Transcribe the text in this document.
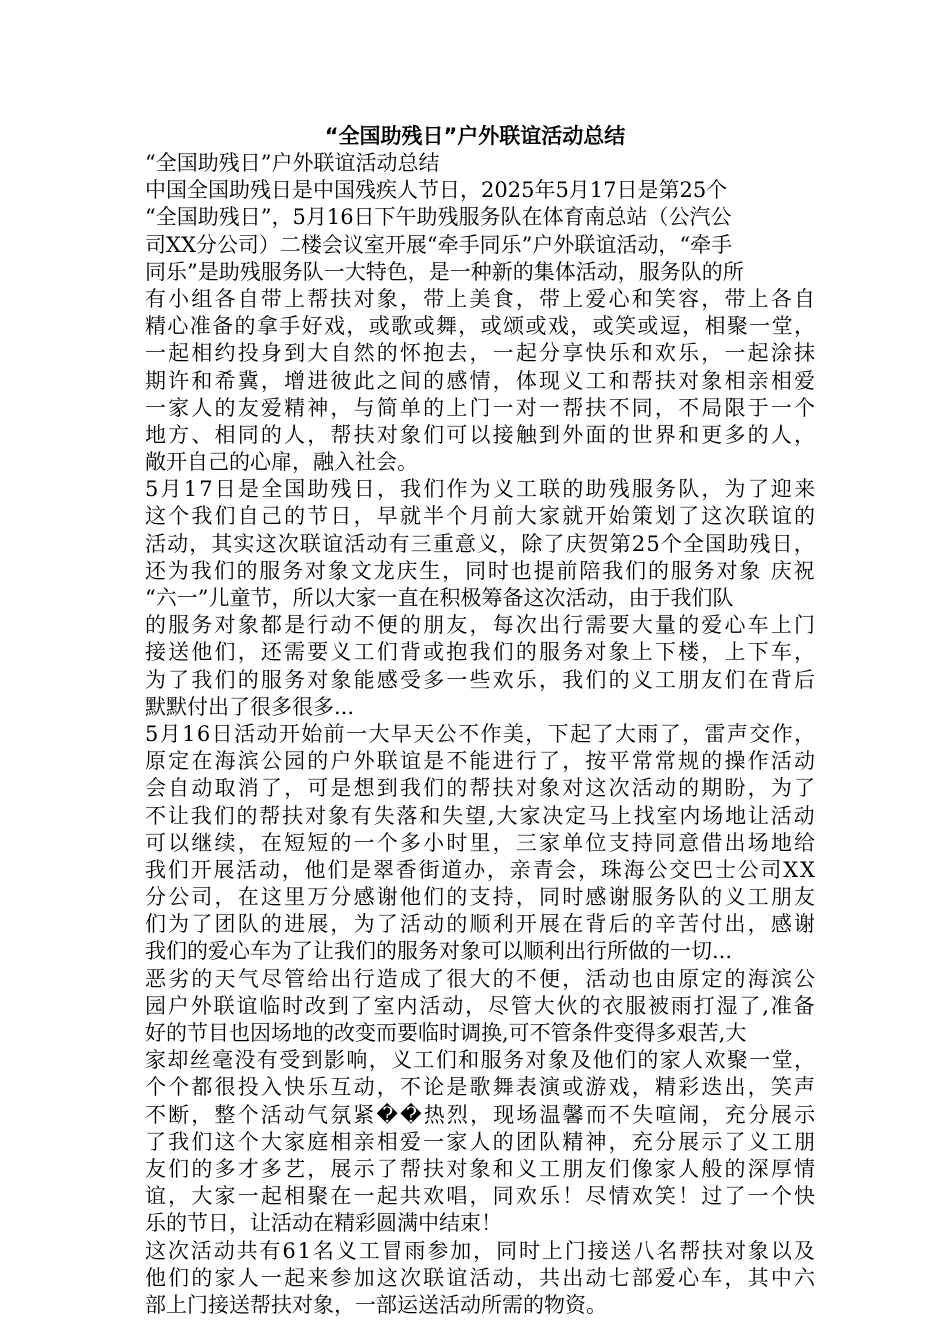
“全国助残日”户外联谊活动总结

“全国助残日”户外联谊活动总结

中国全国助残日是中国残疾人节日，2025年5月17日是第25个
“全国助残日”，5月16日下午助残服务队在体育南总站（公汽公
司XX分公司）二楼会议室开展“牵手同乐”户外联谊活动，“牵手
同乐”是助残服务队一大特色，是一种新的集体活动，服务队的所
有小组各自带上帮扶对象，带上美食，带上爱心和笑容，带上各自
精心准备的拿手好戏，或歌或舞，或颂或戏，或笑或逗，相聚一堂，
一起相约投身到大自然的怀抱去，一起分享快乐和欢乐，一起涂抹
期许和希冀，增进彼此之间的感情，体现义工和帮扶对象相亲相爱
一家人的友爱精神，与简单的上门一对一帮扶不同，不局限于一个
地方、相同的人，帮扶对象们可以接触到外面的世界和更多的人，
敞开自己的心扉，融入社会。

5月17日是全国助残日，我们作为义工联的助残服务队，为了迎来
这个我们自己的节日，早就半个月前大家就开始策划了这次联谊的
活动，其实这次联谊活动有三重意义，除了庆贺第25个全国助残日，
还为我们的服务对象文龙庆生，同时也提前陪我们的服务对象 庆祝
“六一”儿童节，所以大家一直在积极筹备这次活动，由于我们队
的服务对象都是行动不便的朋友，每次出行需要大量的爱心车上门
接送他们，还需要义工们背或抱我们的服务对象上下楼，上下车，
为了我们的服务对象能感受多一些欢乐，我们的义工朋友们在背后
默默付出了很多很多...

5月16日活动开始前一大早天公不作美，下起了大雨了，雷声交作，
原定在海滨公园的户外联谊是不能进行了，按平常常规的操作活动
会自动取消了，可是想到我们的帮扶对象对这次活动的期盼，为了
不让我们的帮扶对象有失落和失望,大家决定马上找室内场地让活动
可以继续，在短短的一个多小时里，三家单位支持同意借出场地给
我们开展活动，他们是翠香街道办，亲青会，珠海公交巴士公司XX
分公司，在这里万分感谢他们的支持，同时感谢服务队的义工朋友
们为了团队的进展，为了活动的顺利开展在背后的辛苦付出，感谢
我们的爱心车为了让我们的服务对象可以顺利出行所做的一切...

恶劣的天气尽管给出行造成了很大的不便，活动也由原定的海滨公
园户外联谊临时改到了室内活动，尽管大伙的衣服被雨打湿了,准备
好的节目也因场地的改变而要临时调换,可不管条件变得多艰苦,大
家却丝毫没有受到影响，义工们和服务对象及他们的家人欢聚一堂，
个个都很投入快乐互动，不论是歌舞表演或游戏，精彩迭出，笑声
不断，整个活动气氛紧��热烈，现场温馨而不失喧闹，充分展示
了我们这个大家庭相亲相爱一家人的团队精神，充分展示了义工朋
友们的多才多艺，展示了帮扶对象和义工朋友们像家人般的深厚情
谊，大家一起相聚在一起共欢唱，同欢乐！尽情欢笑！过了一个快
乐的节日，让活动在精彩圆满中结束！

这次活动共有61名义工冒雨参加，同时上门接送八名帮扶对象以及
他们的家人一起来参加这次联谊活动，共出动七部爱心车，其中六
部上门接送帮扶对象，一部运送活动所需的物资。
